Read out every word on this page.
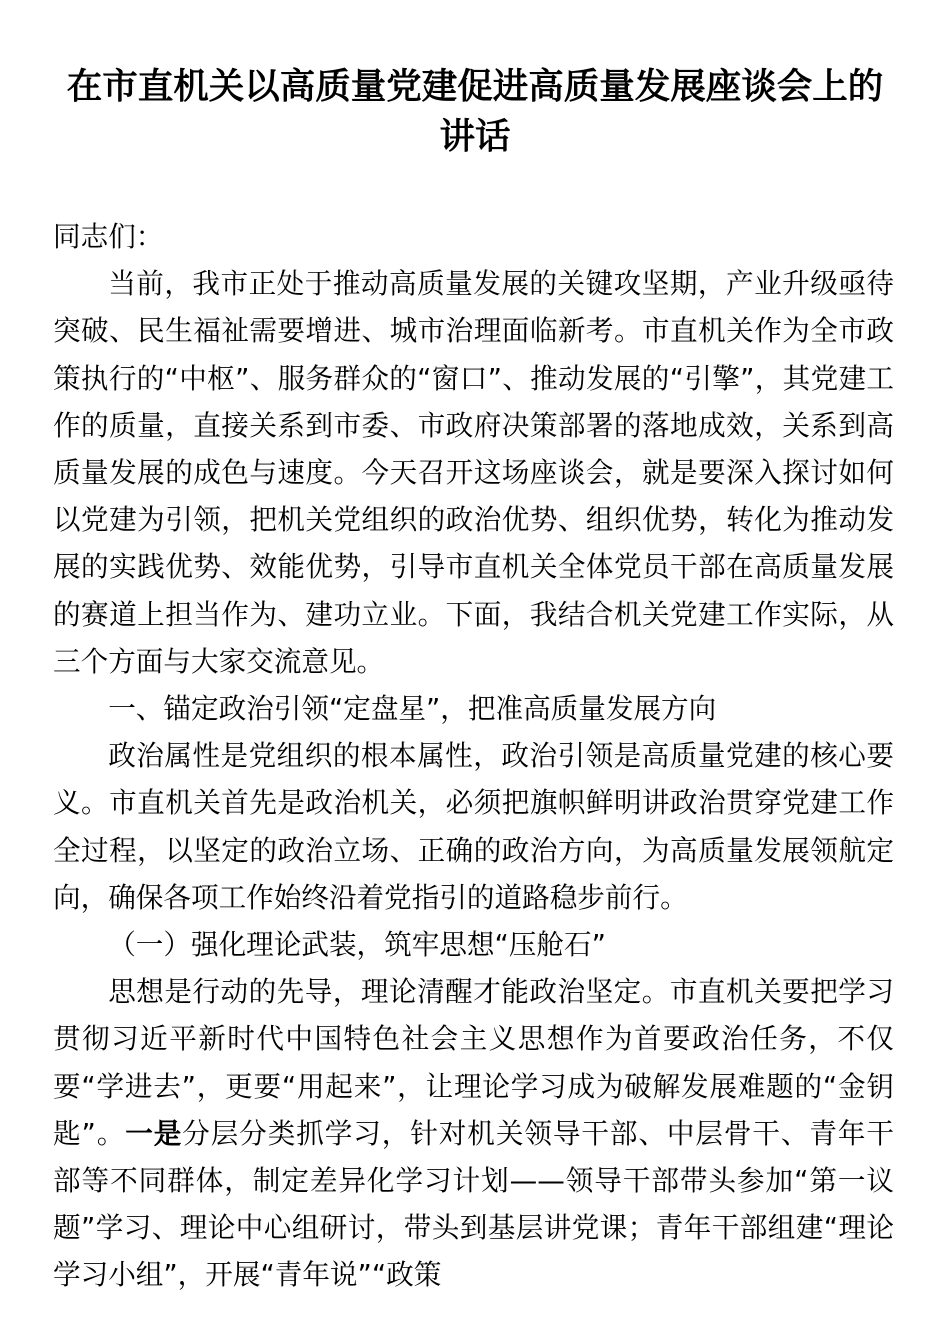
在市直机关以高质量党建促进高质量发展座谈会上的讲话

同志们：

当前，我市正处于推动高质量发展的关键攻坚期，产业升级亟待突破、民生福祉需要增进、城市治理面临新考。市直机关作为全市政策执行的“中枢”、服务群众的“窗口”、推动发展的“引擎”，其党建工作的质量，直接关系到市委、市政府决策部署的落地成效，关系到高质量发展的成色与速度。今天召开这场座谈会，就是要深入探讨如何以党建为引领，把机关党组织的政治优势、组织优势，转化为推动发展的实践优势、效能优势，引导市直机关全体党员干部在高质量发展的赛道上担当作为、建功立业。下面，我结合机关党建工作实际，从三个方面与大家交流意见。

一、锚定政治引领“定盘星”，把准高质量发展方向

政治属性是党组织的根本属性，政治引领是高质量党建的核心要义。市直机关首先是政治机关，必须把旗帜鲜明讲政治贯穿党建工作全过程，以坚定的政治立场、正确的政治方向，为高质量发展领航定向，确保各项工作始终沿着党指引的道路稳步前行。

（一）强化理论武装，筑牢思想“压舱石”

思想是行动的先导，理论清醒才能政治坚定。市直机关要把学习贯彻习近平新时代中国特色社会主义思想作为首要政治任务，不仅要“学进去”，更要“用起来”，让理论学习成为破解发展难题的“金钥匙”。一是分层分类抓学习，针对机关领导干部、中层骨干、青年干部等不同群体，制定差异化学习计划——领导干部带头参加“第一议题”学习、理论中心组研讨，带头到基层讲党课；青年干部组建“理论学习小组”，开展“青年说”“政策
